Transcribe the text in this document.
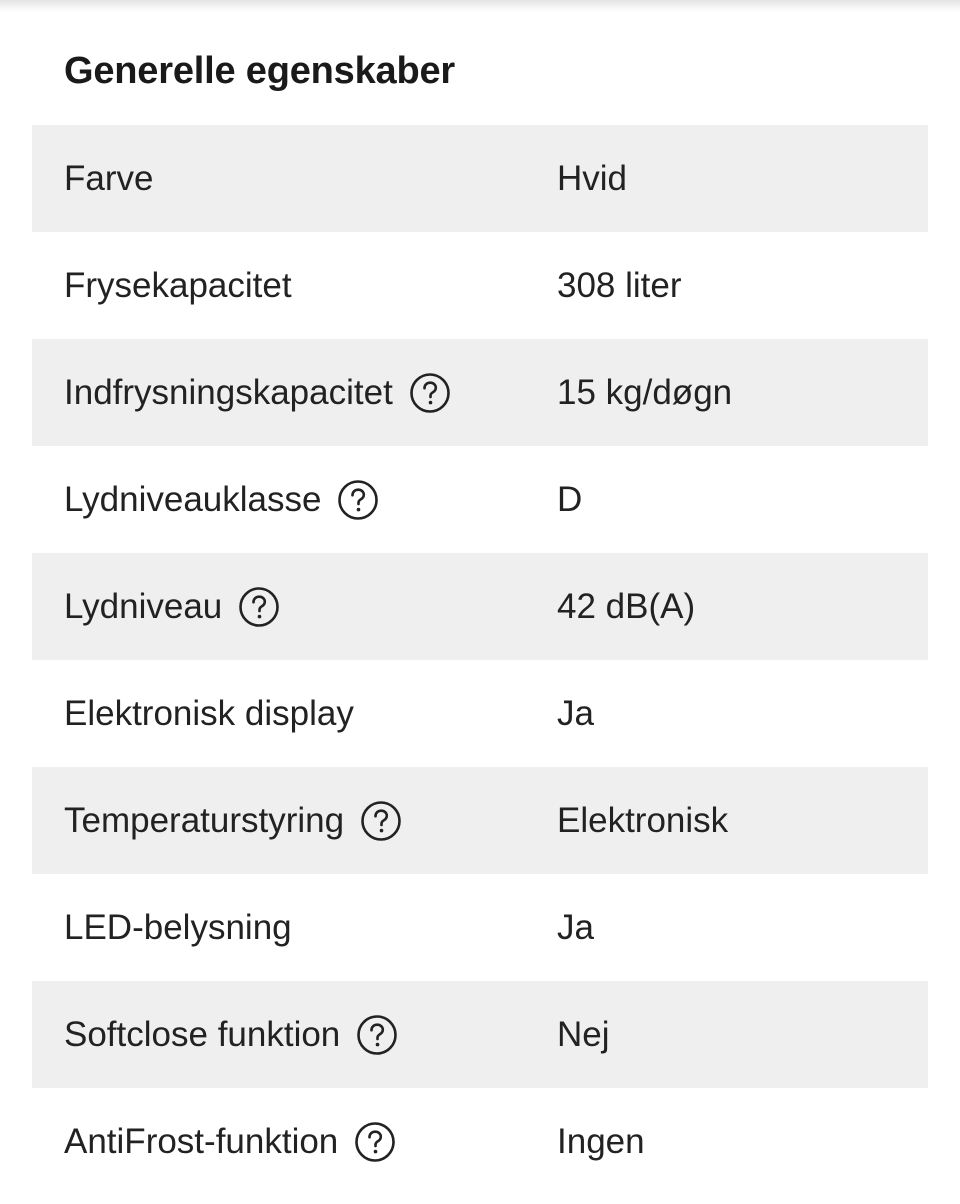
Generelle egenskaber
Farve	Hvid
Frysekapacitet	308 liter
Indfrysningskapacitet	15 kg/døgn
Lydniveauklasse	D
Lydniveau	42 dB(A)
Elektronisk display	Ja
Temperaturstyring	Elektronisk
LED-belysning	Ja
Softclose funktion	Nej
AntiFrost-funktion	Ingen
